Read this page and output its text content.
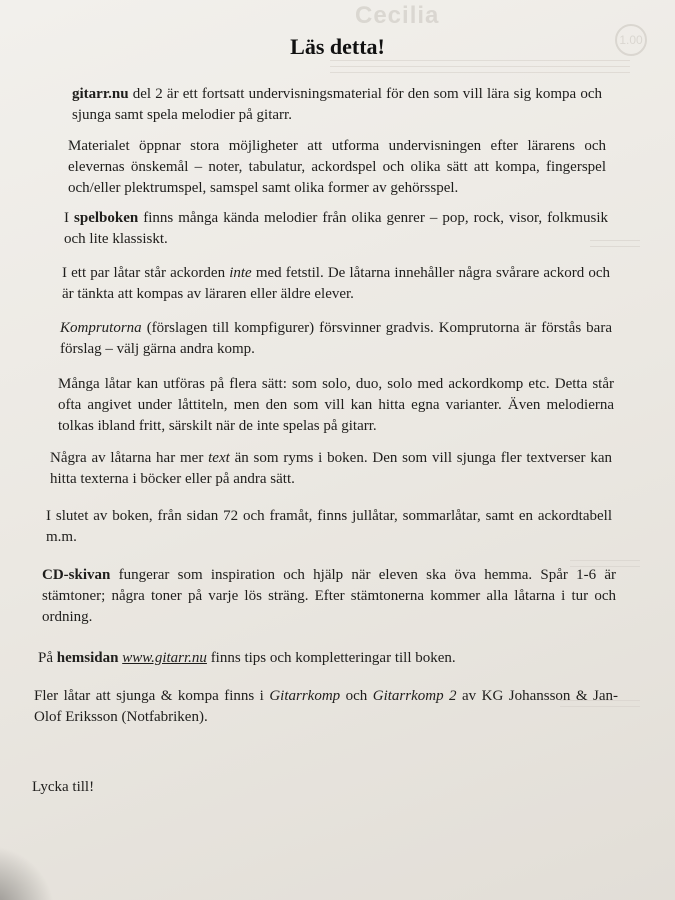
Cecilia
1.00
Läs detta!

gitarr.nu del 2 är ett fortsatt undervisningsmaterial för den som vill lära sig kompa och sjunga samt spela melodier på gitarr.

Materialet öppnar stora möjligheter att utforma undervisningen efter lärarens och elevernas önskemål – noter, tabulatur, ackordspel och olika sätt att kompa, fingerspel och/eller plektrumspel, samspel samt olika former av gehörsspel.

I spelboken finns många kända melodier från olika genrer – pop, rock, visor, folkmusik och lite klassiskt.

I ett par låtar står ackorden inte med fetstil. De låtarna innehåller några svårare ackord och är tänkta att kompas av läraren eller äldre elever.

Komprutorna (förslagen till kompfigurer) försvinner gradvis. Komprutorna är förstås bara förslag – välj gärna andra komp.

Många låtar kan utföras på flera sätt: som solo, duo, solo med ackordkomp etc. Detta står ofta angivet under låttiteln, men den som vill kan hitta egna varianter. Även melodierna tolkas ibland fritt, särskilt när de inte spelas på gitarr.

Några av låtarna har mer text än som ryms i boken. Den som vill sjunga fler textverser kan hitta texterna i böcker eller på andra sätt.

I slutet av boken, från sidan 72 och framåt, finns jullåtar, sommarlåtar, samt en ackordtabell m.m.

CD-skivan fungerar som inspiration och hjälp när eleven ska öva hemma. Spår 1-6 är stämtoner; några toner på varje lös sträng. Efter stämtonerna kommer alla låtarna i tur och ordning.

På hemsidan www.gitarr.nu finns tips och kompletteringar till boken.

Fler låtar att sjunga & kompa finns i Gitarrkomp och Gitarrkomp 2 av KG Johansson & Jan-Olof Eriksson (Notfabriken).

Lycka till!
